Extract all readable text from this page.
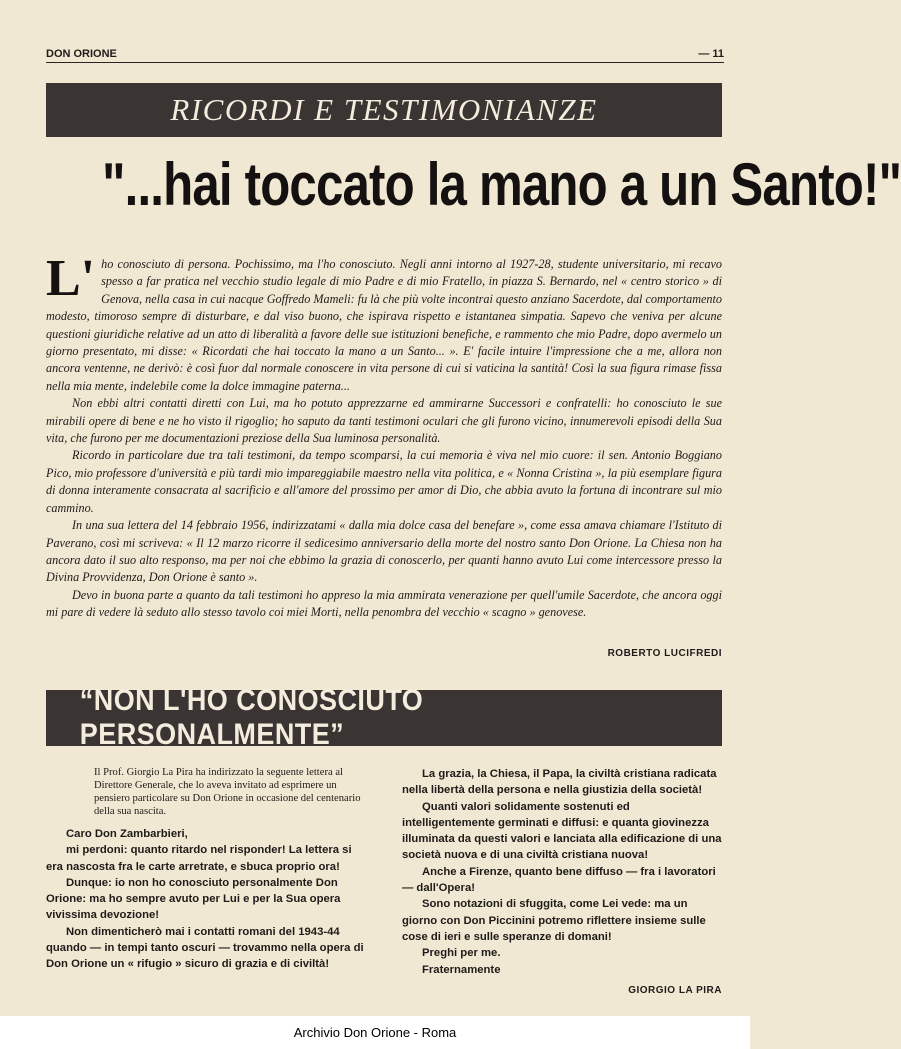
DON ORIONE	— 11
RICORDI E TESTIMONIANZE
"...hai toccato la mano a un Santo!"

L' ho conosciuto di persona. Pochissimo, ma l'ho conosciuto. Negli anni intorno al 1927-28, studente universitario, mi recavo spesso a far pratica nel vecchio studio legale di mio Padre e di mio Fratello, in piazza S. Bernardo, nel « centro storico » di Genova, nella casa in cui nacque Goffredo Mameli: fu là che più volte incontrai questo anziano Sacerdote, dal comportamento modesto, timoroso sempre di disturbare, e dal viso buono, che ispirava rispetto e istantanea simpatia. Sapevo che veniva per alcune questioni giuridiche relative ad un atto di liberalità a favore delle sue istituzioni benefiche, e rammento che mio Padre, dopo avermelo un giorno presentato, mi disse: « Ricordati che hai toccato la mano a un Santo... ». E' facile intuire l'impressione che a me, allora non ancora ventenne, ne derivò: è così fuor dal normale conoscere in vita persone di cui si vaticina la santità! Così la sua figura rimase fissa nella mia mente, indelebile come la dolce immagine paterna...

Non ebbi altri contatti diretti con Lui, ma ho potuto apprezzarne ed ammirarne Successori e confratelli: ho conosciuto le sue mirabili opere di bene e ne ho visto il rigoglio; ho saputo da tanti testimoni oculari che gli furono vicino, innumerevoli episodi della Sua vita, che furono per me documentazioni preziose della Sua luminosa personalità.

Ricordo in particolare due tra tali testimoni, da tempo scomparsi, la cui memoria è viva nel mio cuore: il sen. Antonio Boggiano Pico, mio professore d'università e più tardi mio impareggiabile maestro nella vita politica, e « Nonna Cristina », la più esemplare figura di donna interamente consacrata al sacrificio e all'amore del prossimo per amor di Dio, che abbia avuto la fortuna di incontrare sul mio cammino.

In una sua lettera del 14 febbraio 1956, indirizzatami « dalla mia dolce casa del benefare », come essa amava chiamare l'Istituto di Paverano, così mi scriveva: « Il 12 marzo ricorre il sedicesimo anniversario della morte del nostro santo Don Orione. La Chiesa non ha ancora dato il suo alto responso, ma per noi che ebbimo la grazia di conoscerlo, per quanti hanno avuto Lui come intercessore presso la Divina Provvidenza, Don Orione è santo ».

Devo in buona parte a quanto da tali testimoni ho appreso la mia ammirata venerazione per quell'umile Sacerdote, che ancora oggi mi pare di vedere là seduto allo stesso tavolo coi miei Morti, nella penombra del vecchio « scagno » genovese.

ROBERTO LUCIFREDI
“NON L'HO CONOSCIUTO PERSONALMENTE”
Il Prof. Giorgio La Pira ha indirizzato la seguente lettera al Direttore Generale, che lo aveva invitato ad esprimere un pensiero particolare su Don Orione in occasione del centenario della sua nascita.

Caro Don Zambarbieri,

mi perdoni: quanto ritardo nel risponder! La lettera si era nascosta fra le carte arretrate, e sbuca proprio ora!

Dunque: io non ho conosciuto personalmente Don Orione: ma ho sempre avuto per Lui e per la Sua opera vivissima devozione!

Non dimenticherò mai i contatti romani del 1943-44 quando — in tempi tanto oscuri — trovammo nella opera di Don Orione un « rifugio » sicuro di grazia e di civiltà!

La grazia, la Chiesa, il Papa, la civiltà cristiana radicata nella libertà della persona e nella giustizia della società!

Quanti valori solidamente sostenuti ed intelligentemente germinati e diffusi: e quanta giovinezza illuminata da questi valori e lanciata alla edificazione di una società nuova e di una civiltà cristiana nuova!

Anche a Firenze, quanto bene diffuso — fra i lavoratori — dall'Opera!

Sono notazioni di sfuggita, come Lei vede: ma un giorno con Don Piccinini potremo riflettere insieme sulle cose di ieri e sulle speranze di domani!

Preghi per me.

Fraternamente

GIORGIO LA PIRA
Archivio Don Orione - Roma
